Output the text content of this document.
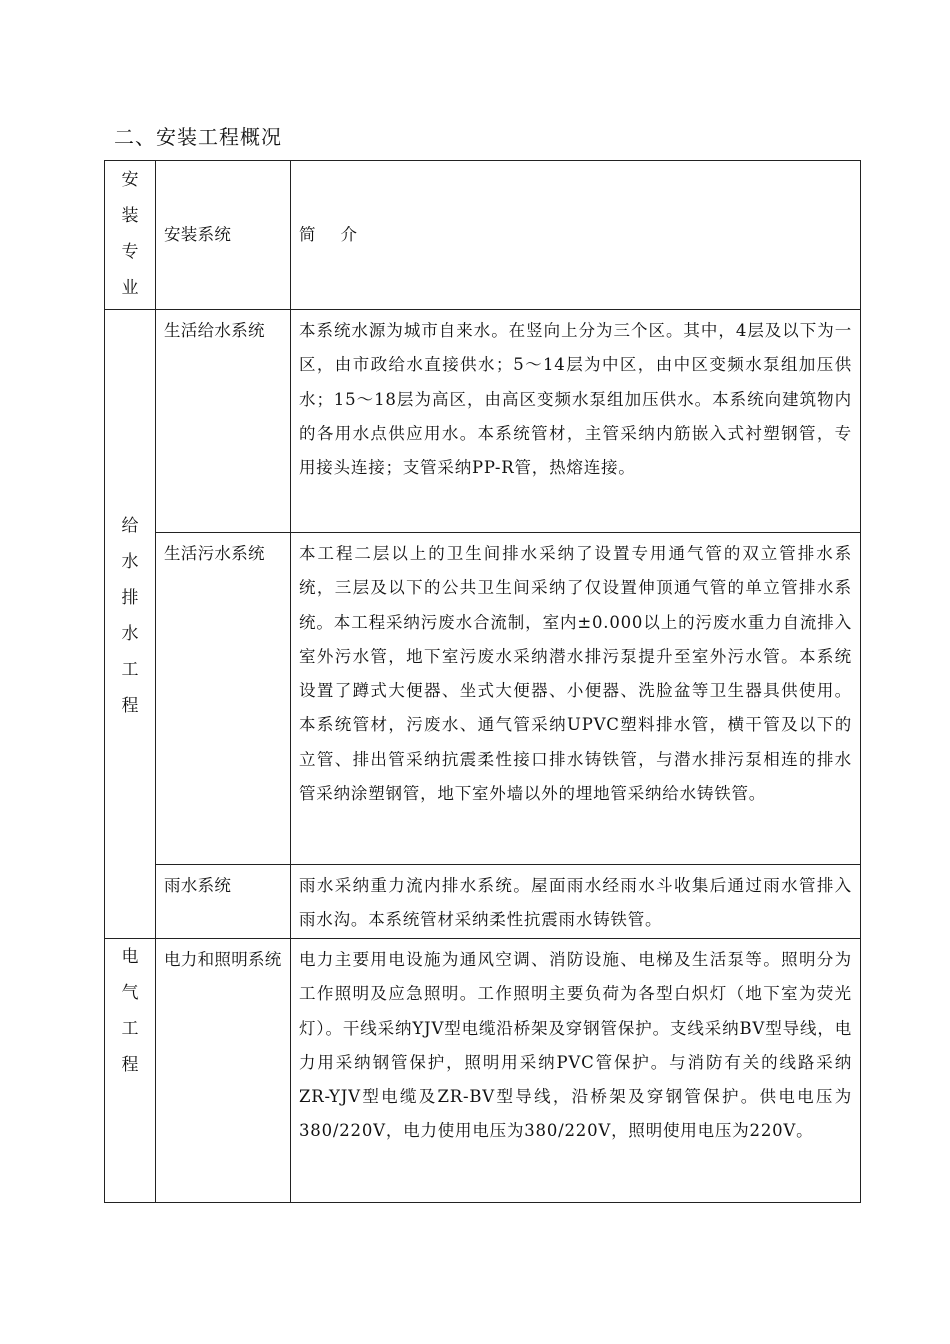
二、安装工程概况
安装专业	安装系统	简    介

给水排水工程	生活给水系统	本系统水源为城市自来水。在竖向上分为三个区。其中，4层及以下为一区，由市政给水直接供水；5～14层为中区，由中区变频水泵组加压供水；15～18层为高区，由高区变频水泵组加压供水。本系统向建筑物内的各用水点供应用水。本系统管材，主管采纳内筋嵌入式衬塑钢管，专用接头连接；支管采纳PP-R管，热熔连接。

	生活污水系统	本工程二层以上的卫生间排水采纳了设置专用通气管的双立管排水系统，三层及以下的公共卫生间采纳了仅设置伸顶通气管的单立管排水系统。本工程采纳污废水合流制，室内±0.000以上的污废水重力自流排入室外污水管，地下室污废水采纳潜水排污泵提升至室外污水管。本系统设置了蹲式大便器、坐式大便器、小便器、洗脸盆等卫生器具供使用。本系统管材，污废水、通气管采纳UPVC塑料排水管，横干管及以下的立管、排出管采纳抗震柔性接口排水铸铁管，与潜水排污泵相连的排水管采纳涂塑钢管，地下室外墙以外的埋地管采纳给水铸铁管。

	雨水系统	雨水采纳重力流内排水系统。屋面雨水经雨水斗收集后通过雨水管排入雨水沟。本系统管材采纳柔性抗震雨水铸铁管。

电气工程	电力和照明系统	电力主要用电设施为通风空调、消防设施、电梯及生活泵等。照明分为工作照明及应急照明。工作照明主要负荷为各型白炽灯（地下室为荧光灯）。干线采纳YJV型电缆沿桥架及穿钢管保护。支线采纳BV型导线，电力用采纳钢管保护，照明用采纳PVC管保护。与消防有关的线路采纳ZR-YJV型电缆及ZR-BV型导线，沿桥架及穿钢管保护。供电电压为380/220V，电力使用电压为380/220V，照明使用电压为220V。
